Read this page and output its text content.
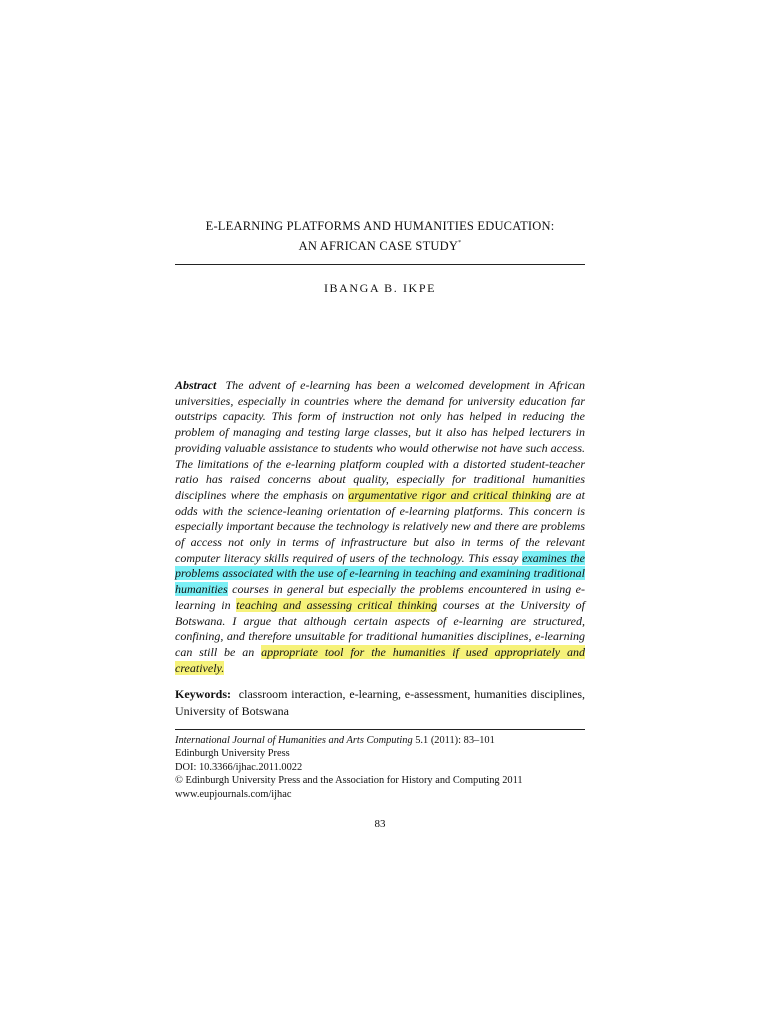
E-LEARNING PLATFORMS AND HUMANITIES EDUCATION:
AN AFRICAN CASE STUDY*
IBANGA B. IKPE
Abstract The advent of e-learning has been a welcomed development in African universities, especially in countries where the demand for university education far outstrips capacity. This form of instruction not only has helped in reducing the problem of managing and testing large classes, but it also has helped lecturers in providing valuable assistance to students who would otherwise not have such access. The limitations of the e-learning platform coupled with a distorted student-teacher ratio has raised concerns about quality, especially for traditional humanities disciplines where the emphasis on argumentative rigor and critical thinking are at odds with the science-leaning orientation of e-learning platforms. This concern is especially important because the technology is relatively new and there are problems of access not only in terms of infrastructure but also in terms of the relevant computer literacy skills required of users of the technology. This essay examines the problems associated with the use of e-learning in teaching and examining traditional humanities courses in general but especially the problems encountered in using e-learning in teaching and assessing critical thinking courses at the University of Botswana. I argue that although certain aspects of e-learning are structured, confining, and therefore unsuitable for traditional humanities disciplines, e-learning can still be an appropriate tool for the humanities if used appropriately and creatively.
Keywords: classroom interaction, e-learning, e-assessment, humanities disciplines, University of Botswana
International Journal of Humanities and Arts Computing 5.1 (2011): 83–101
Edinburgh University Press
DOI: 10.3366/ijhac.2011.0022
© Edinburgh University Press and the Association for History and Computing 2011
www.eupjournals.com/ijhac
83
